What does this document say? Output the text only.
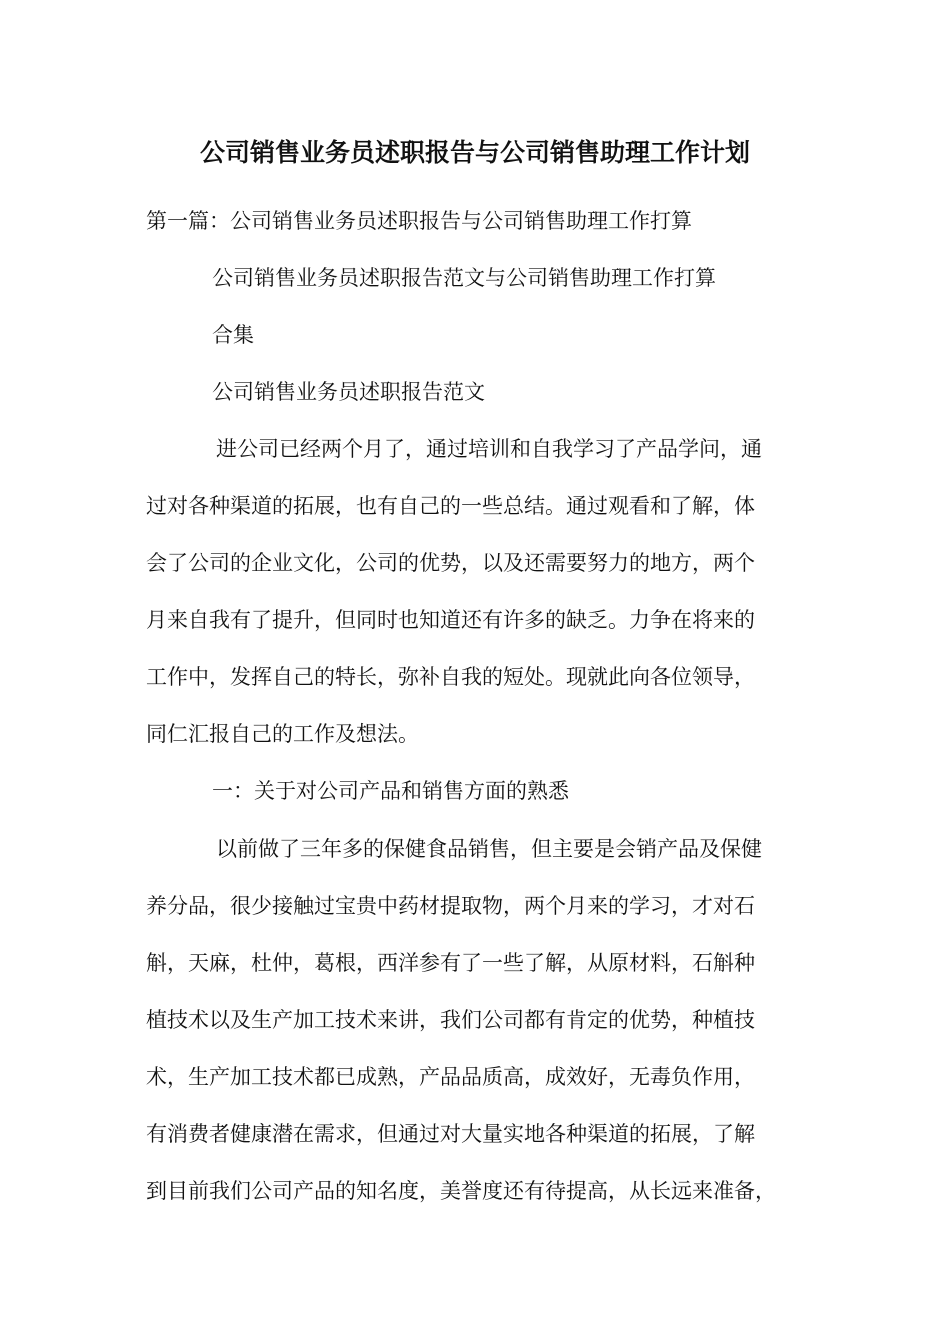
公司销售业务员述职报告与公司销售助理工作计划

第一篇：公司销售业务员述职报告与公司销售助理工作打算

公司销售业务员述职报告范文与公司销售助理工作打算

合集

公司销售业务员述职报告范文

进公司已经两个月了，通过培训和自我学习了产品学问，通

过对各种渠道的拓展，也有自己的一些总结。通过观看和了解，体

会了公司的企业文化，公司的优势，以及还需要努力的地方，两个

月来自我有了提升，但同时也知道还有许多的缺乏。力争在将来的

工作中，发挥自己的特长，弥补自我的短处。现就此向各位领导，

同仁汇报自己的工作及想法。

一：关于对公司产品和销售方面的熟悉

以前做了三年多的保健食品销售，但主要是会销产品及保健

养分品，很少接触过宝贵中药材提取物，两个月来的学习，才对石

斛，天麻，杜仲，葛根，西洋参有了一些了解，从原材料，石斛种

植技术以及生产加工技术来讲，我们公司都有肯定的优势，种植技

术，生产加工技术都已成熟，产品品质高，成效好，无毒负作用，

有消费者健康潜在需求，但通过对大量实地各种渠道的拓展，了解

到目前我们公司产品的知名度，美誉度还有待提高，从长远来准备，
